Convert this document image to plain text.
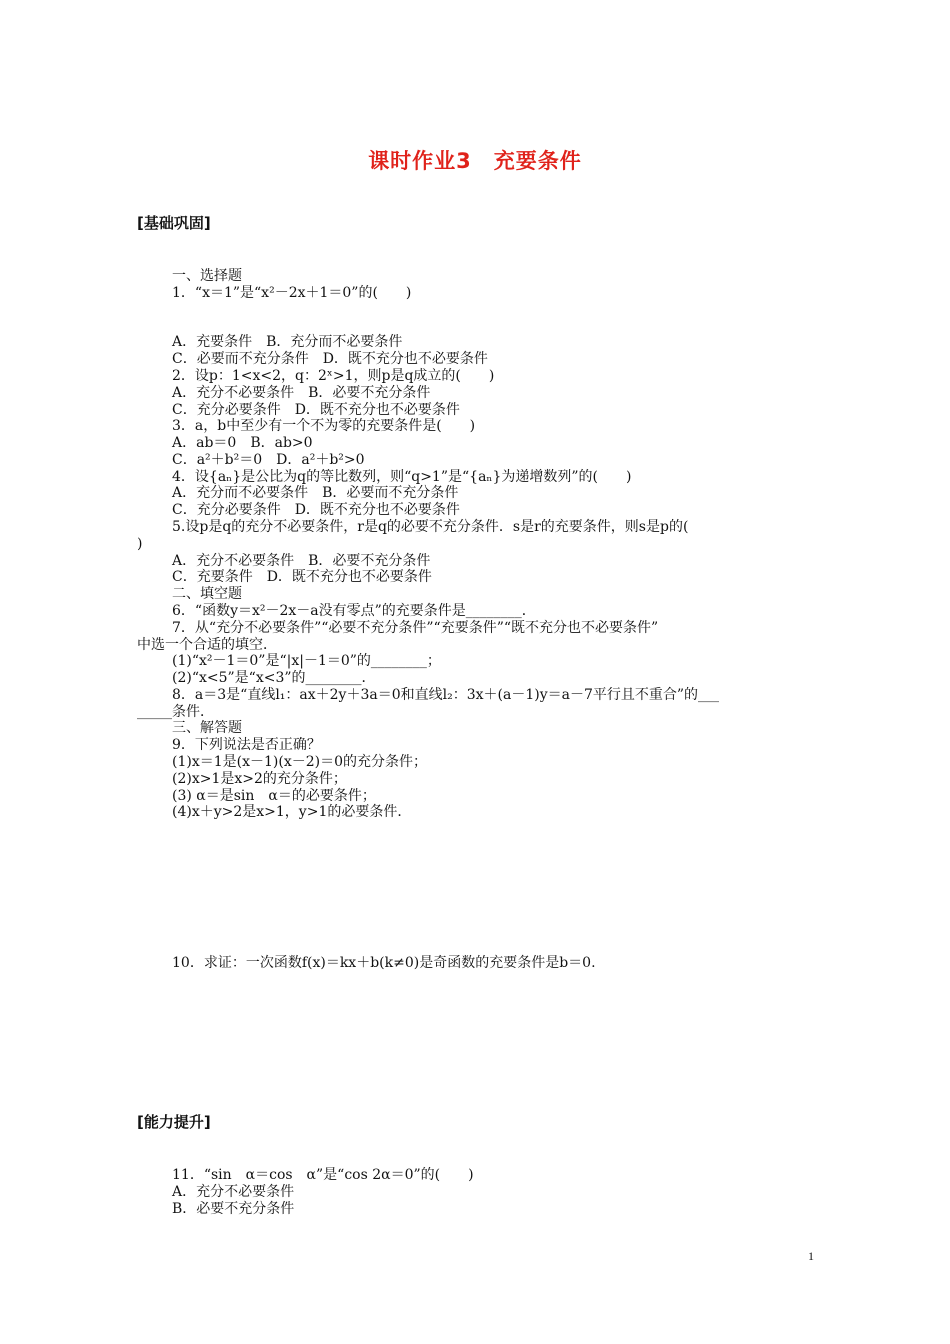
课时作业3　充要条件
[基础巩固]
一、选择题
1．“x＝1”是“x²－2x＋1＝0”的(　　)
A．充要条件　B．充分而不必要条件
C．必要而不充分条件　D．既不充分也不必要条件
2．设p：1<x<2，q：2ˣ>1，则p是q成立的(　　)
A．充分不必要条件　B．必要不充分条件
C．充分必要条件　D．既不充分也不必要条件
3．a，b中至少有一个不为零的充要条件是(　　)
A．ab＝0　B．ab>0
C．a²＋b²＝0　D．a²＋b²>0
4．设{aₙ}是公比为q的等比数列，则“q>1”是“{aₙ}为递增数列”的(　　)
A．充分而不必要条件　B．必要而不充分条件
C．充分必要条件　D．既不充分也不必要条件
5.设p是q的充分不必要条件，r是q的必要不充分条件．s是r的充要条件，则s是p的(
)
A．充分不必要条件　B．必要不充分条件
C．充要条件　D．既不充分也不必要条件
二、填空题
6．“函数y＝x²－2x－a没有零点”的充要条件是________．
7．从“充分不必要条件”“必要不充分条件”“充要条件”“既不充分也不必要条件”
中选一个合适的填空．
(1)“x²－1＝0”是“|x|－1＝0”的________；
(2)“x<5”是“x<3”的________．
8．a＝3是“直线l₁：ax＋2y＋3a＝0和直线l₂：3x＋(a－1)y＝a－7平行且不重合”的___
_____条件．
三、解答题
9．下列说法是否正确？
(1)x＝1是(x－1)(x－2)＝0的充分条件；
(2)x>1是x>2的充分条件；
(3) α＝是sin　α＝的必要条件；
(4)x＋y>2是x>1，y>1的必要条件．
10．求证：一次函数f(x)＝kx＋b(k≠0)是奇函数的充要条件是b＝0.
[能力提升]
11．“sin　α＝cos　α”是“cos 2α＝0”的(　　)
A．充分不必要条件
B．必要不充分条件
1
